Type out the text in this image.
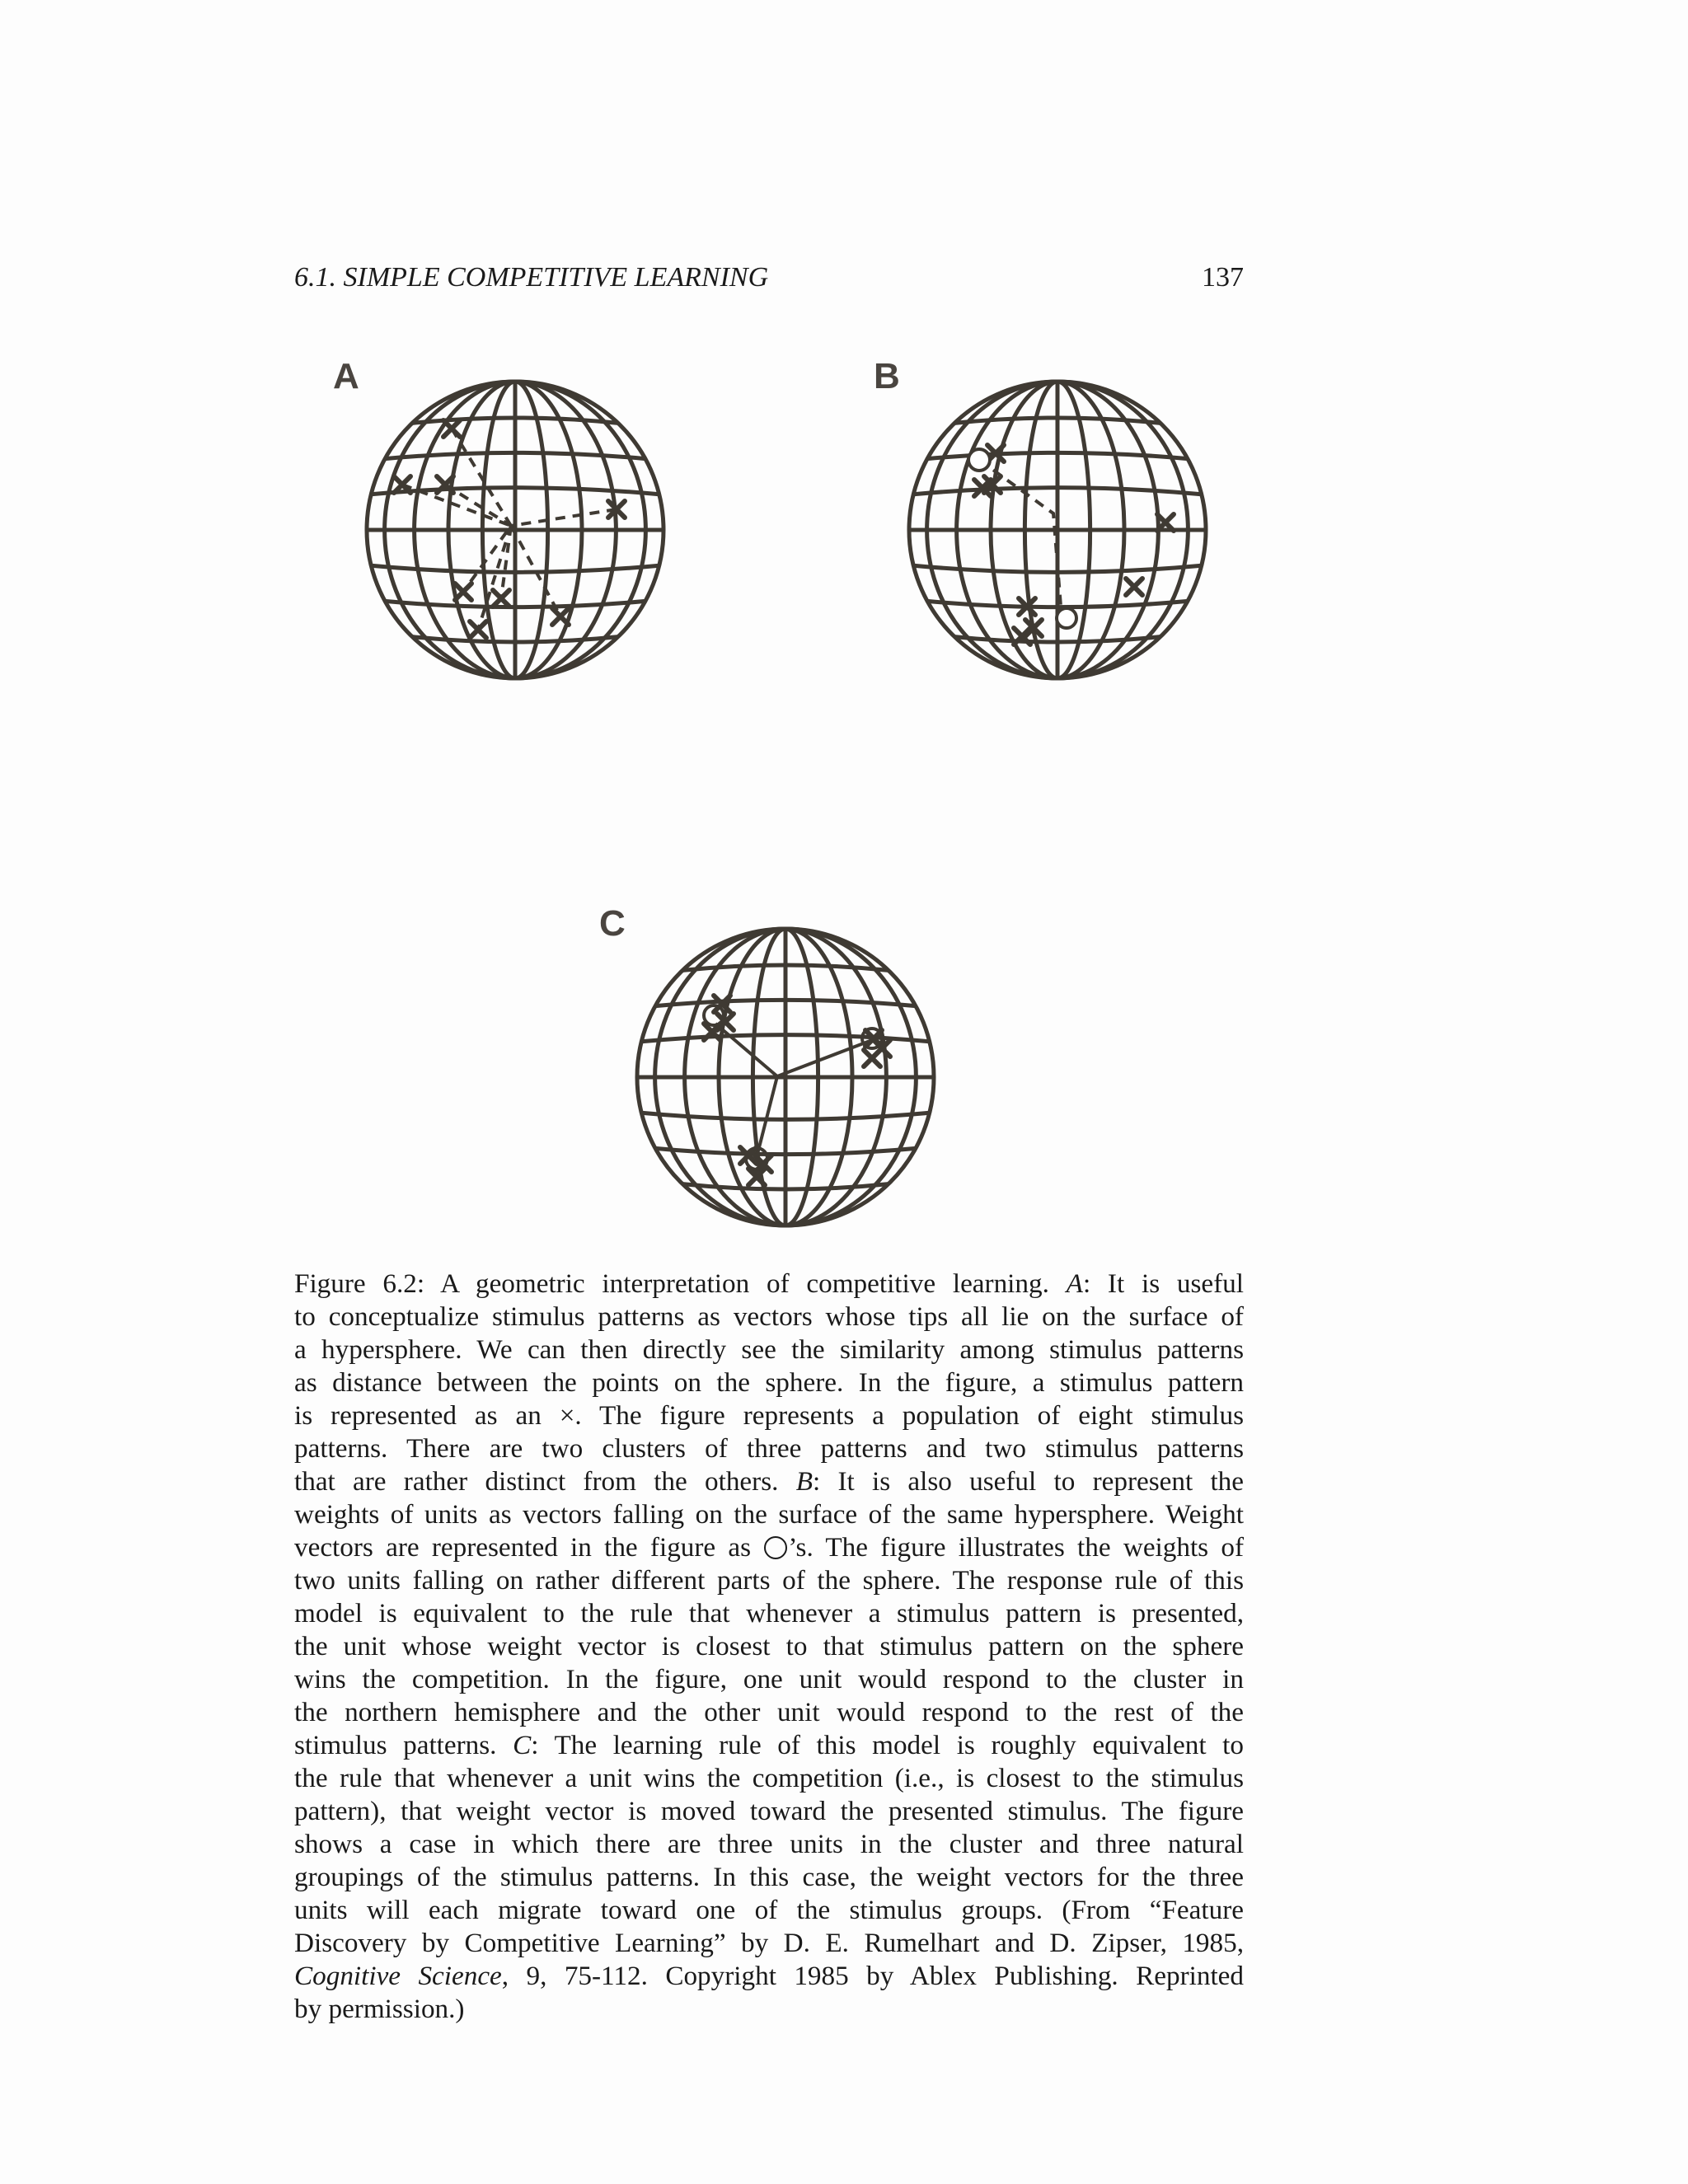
6.1. SIMPLE COMPETITIVE LEARNING	137
A	B
C
Figure 6.2: A geometric interpretation of competitive learning. A: It is useful
to conceptualize stimulus patterns as vectors whose tips all lie on the surface of
a hypersphere. We can then directly see the similarity among stimulus patterns
as distance between the points on the sphere. In the figure, a stimulus pattern
is represented as an ×. The figure represents a population of eight stimulus
patterns. There are two clusters of three patterns and two stimulus patterns
that are rather distinct from the others. B: It is also useful to represent the
weights of units as vectors falling on the surface of the same hypersphere. Weight
vectors are represented in the figure as ’s. The figure illustrates the weights of
two units falling on rather different parts of the sphere. The response rule of this
model is equivalent to the rule that whenever a stimulus pattern is presented,
the unit whose weight vector is closest to that stimulus pattern on the sphere
wins the competition. In the figure, one unit would respond to the cluster in
the northern hemisphere and the other unit would respond to the rest of the
stimulus patterns. C: The learning rule of this model is roughly equivalent to
the rule that whenever a unit wins the competition (i.e., is closest to the stimulus
pattern), that weight vector is moved toward the presented stimulus. The figure
shows a case in which there are three units in the cluster and three natural
groupings of the stimulus patterns. In this case, the weight vectors for the three
units will each migrate toward one of the stimulus groups. (From “Feature
Discovery by Competitive Learning” by D. E. Rumelhart and D. Zipser, 1985,
Cognitive Science, 9, 75-112. Copyright 1985 by Ablex Publishing. Reprinted
by permission.)
